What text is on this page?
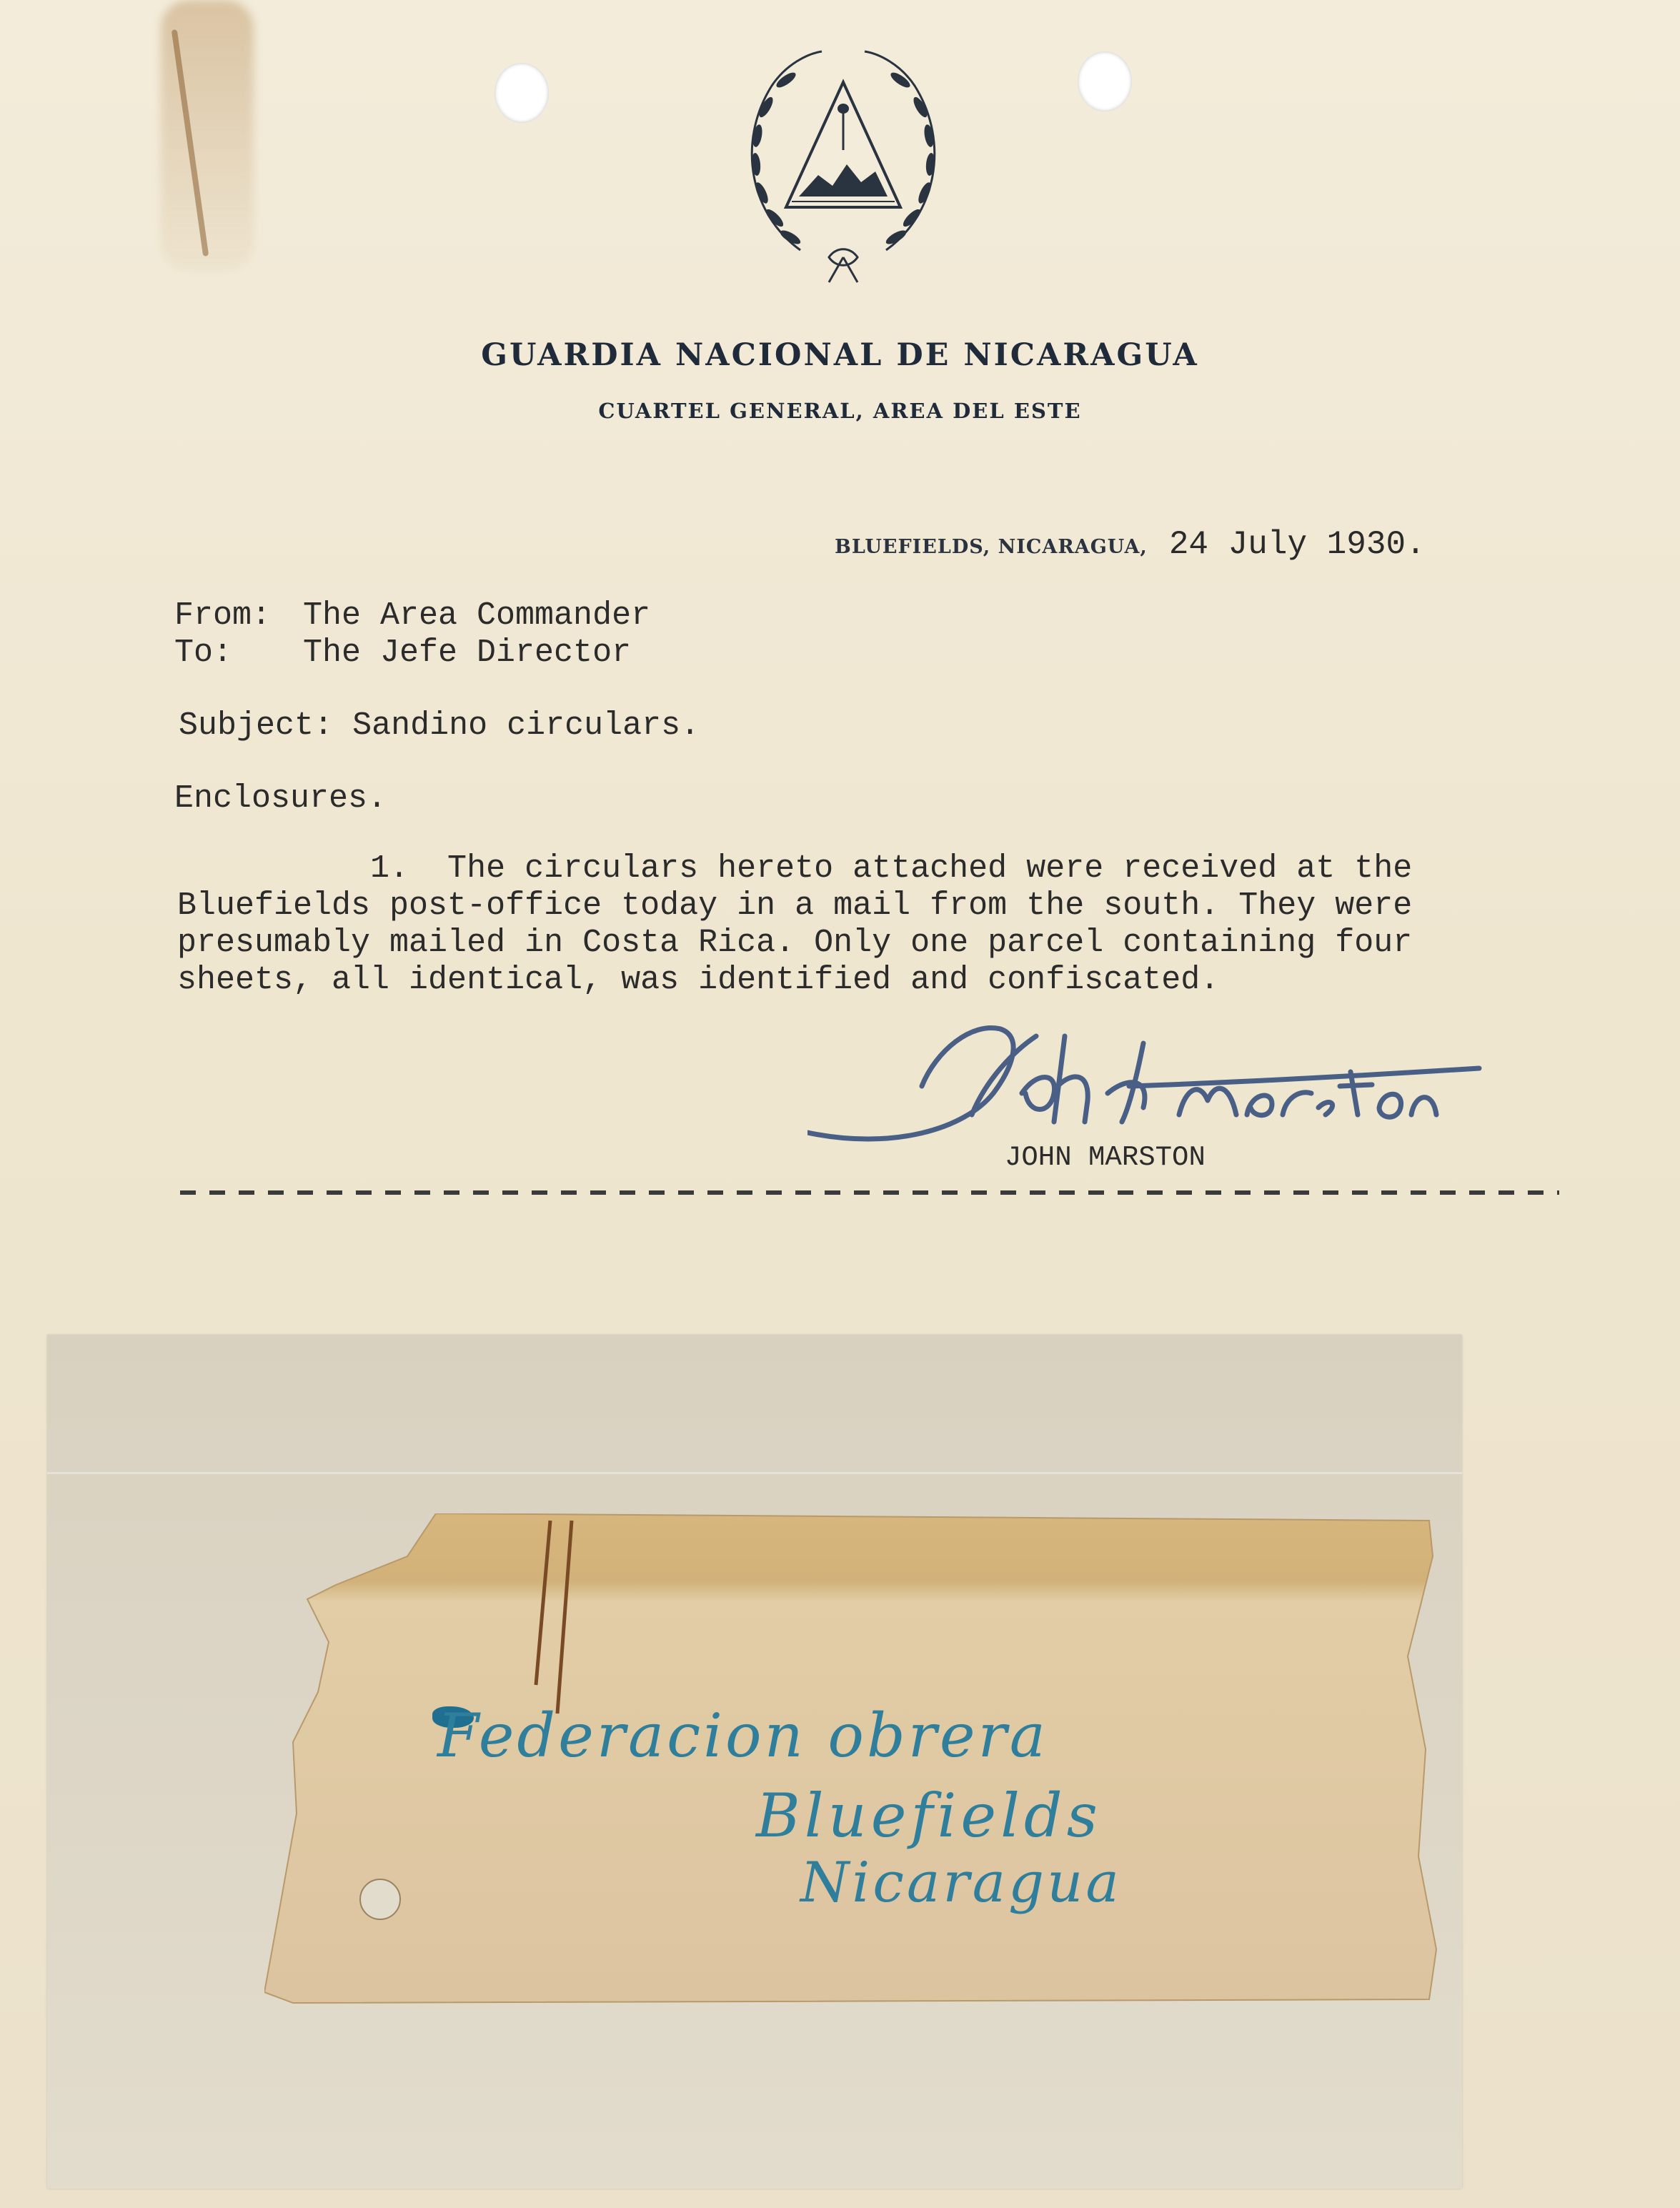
GUARDIA NACIONAL DE NICARAGUA
CUARTEL GENERAL, AREA DEL ESTE
BLUEFIELDS, NICARAGUA, 24 July 1930.
From: The Area Commander
To: The Jefe Director
Subject: Sandino circulars.
Enclosures.
1.  The circulars hereto attached were received at the
Bluefields post-office today in a mail from the south. They were
presumably mailed in Costa Rica. Only one parcel containing four
sheets, all identical, was identified and confiscated.
JOHN MARSTON
Federacion obrera
Bluefields
Nicaragua
